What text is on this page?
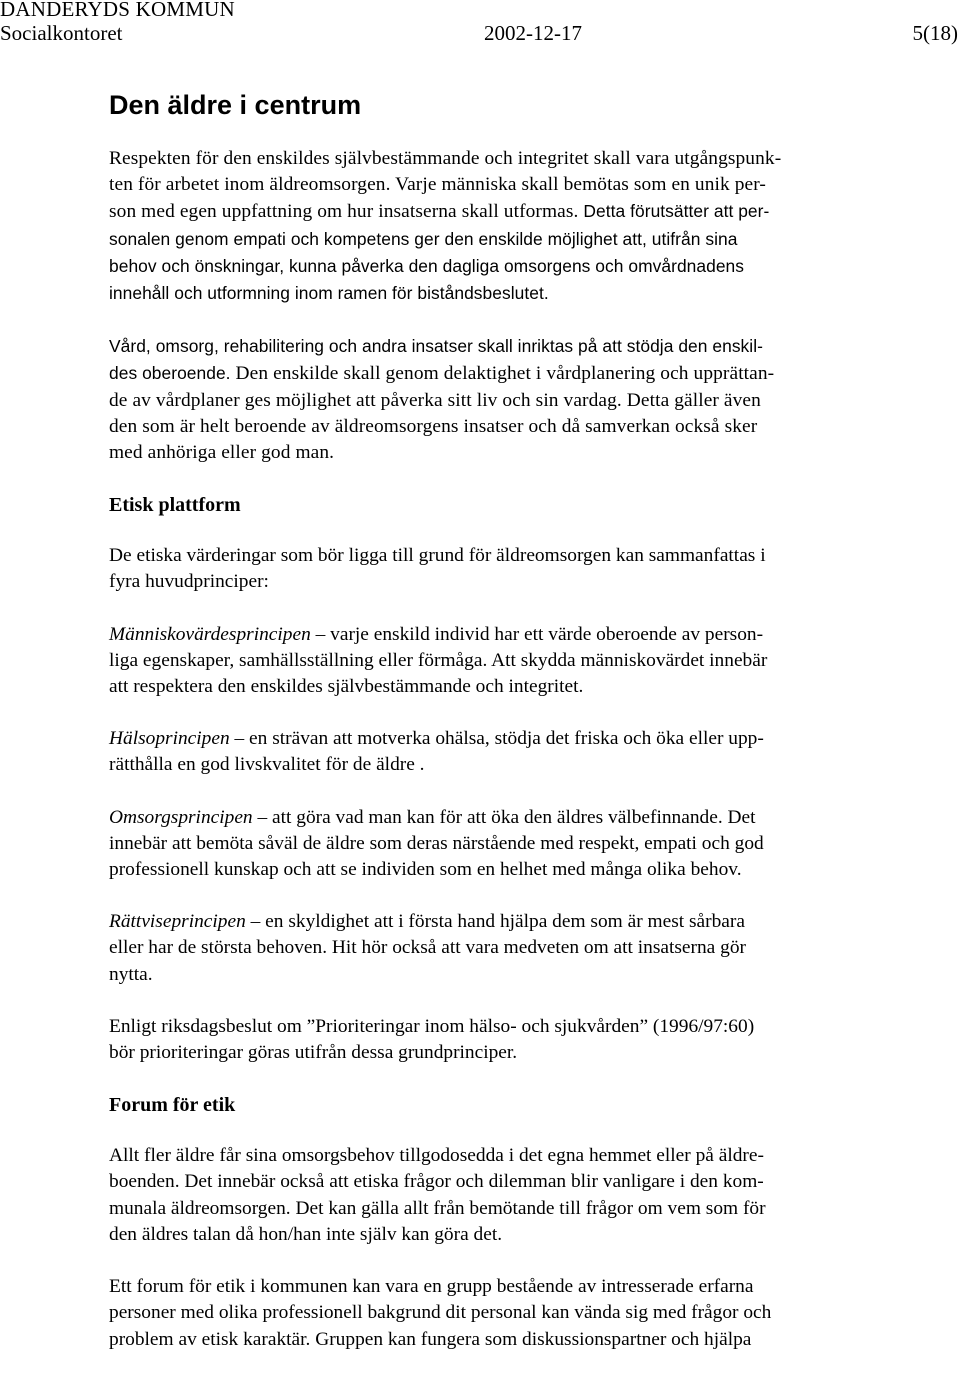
DANDERYDS KOMMUN
Socialkontoret	2002-12-17	5(18)
Den äldre i centrum
Respekten för den enskildes självbestämmande och integritet skall vara utgångspunk-
ten för arbetet inom äldreomsorgen. Varje människa skall bemötas som en unik per-
son med egen uppfattning om hur insatserna skall utformas. Detta förutsätter att per-
sonalen genom empati och kompetens ger den enskilde möjlighet att, utifrån sina
behov och önskningar, kunna påverka den dagliga omsorgens och omvårdnadens
innehåll och utformning inom ramen för biståndsbeslutet.
Vård, omsorg, rehabilitering och andra insatser skall inriktas på att stödja den enskil-
des oberoende. Den enskilde skall genom delaktighet i vårdplanering och upprättan-
de av vårdplaner ges möjlighet att påverka sitt liv och sin vardag. Detta gäller även
den som är helt beroende av äldreomsorgens insatser och då samverkan också sker
med anhöriga eller god man.
Etisk plattform
De etiska värderingar som bör ligga till grund för äldreomsorgen kan sammanfattas i
fyra huvudprinciper:
Människovärdesprincipen – varje enskild individ har ett värde oberoende av person-
liga egenskaper, samhällsställning eller förmåga. Att skydda människovärdet innebär
att respektera den enskildes självbestämmande och integritet.
Hälsoprincipen – en strävan att motverka ohälsa, stödja det friska och öka eller upp-
rätthålla en god livskvalitet för de äldre .
Omsorgsprincipen – att göra vad man kan för att öka den äldres välbefinnande. Det
innebär att bemöta såväl de äldre som deras närstående med respekt, empati och god
professionell kunskap och att se individen som en helhet med många olika behov.
Rättviseprincipen – en skyldighet att i första hand hjälpa dem som är mest sårbara
eller har de största behoven. Hit hör också att vara medveten om att insatserna gör
nytta.
Enligt riksdagsbeslut om ”Prioriteringar inom hälso- och sjukvården” (1996/97:60)
bör prioriteringar göras utifrån dessa grundprinciper.
Forum för etik
Allt fler äldre får sina omsorgsbehov tillgodosedda i det egna hemmet eller på äldre-
boenden. Det innebär också att etiska frågor och dilemman blir vanligare i den kom-
munala äldreomsorgen. Det kan gälla allt från bemötande till frågor om vem som för
den äldres talan då hon/han inte själv kan göra det.
Ett forum för etik i kommunen kan vara en grupp bestående av intresserade erfarna
personer med olika professionell bakgrund dit personal kan vända sig med frågor och
problem av etisk karaktär. Gruppen kan fungera som diskussionspartner och hjälpa
